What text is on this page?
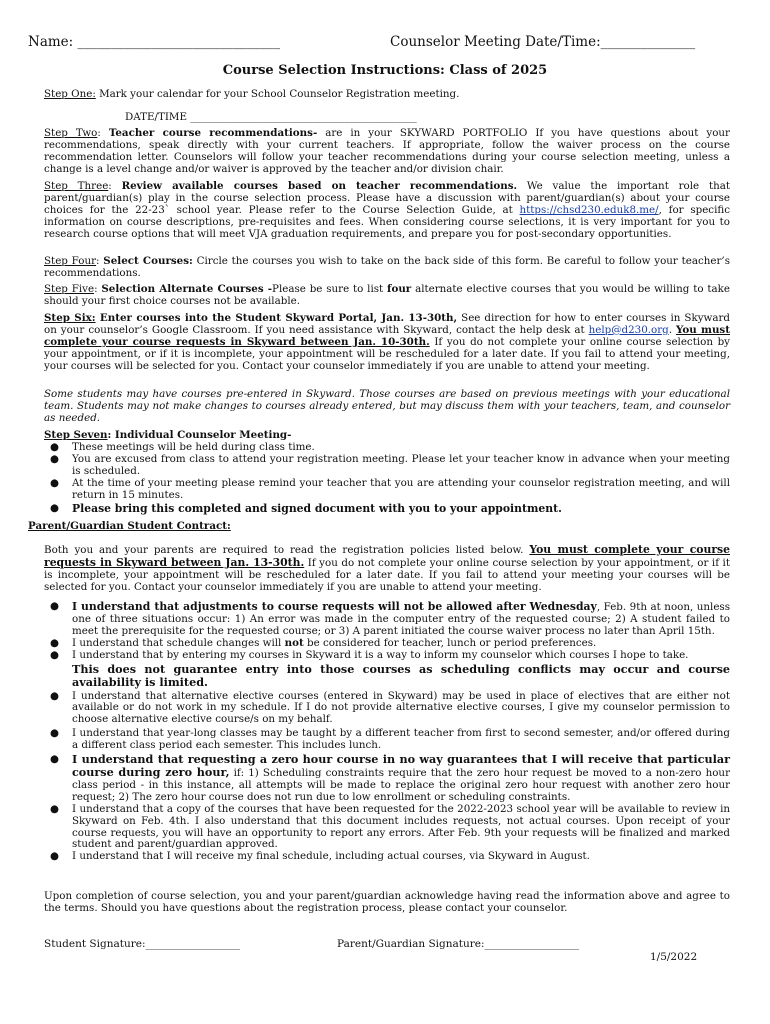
Name: ______________________________	Counselor Meeting Date/Time:______________
Course Selection Instructions: Class of 2025
Step One: Mark your calendar for your School Counselor Registration meeting.
DATE/TIME ____________________________________________
Step Two: Teacher course recommendations- are in your SKYWARD PORTFOLIO If you have questions about your recommendations, speak directly with your current teachers. If appropriate, follow the waiver process on the course recommendation letter. Counselors will follow your teacher recommendations during your course selection meeting, unless a change is a level change and/or waiver is approved by the teacher and/or division chair.
Step Three: Review available courses based on teacher recommendations. We value the important role that parent/guardian(s) play in the course selection process. Please have a discussion with parent/guardian(s) about your course choices for the 22-23` school year. Please refer to the Course Selection Guide, at https://chsd230.eduk8.me/, for specific information on course descriptions, pre-requisites and fees. When considering course selections, it is very important for you to research course options that will meet VJA graduation requirements, and prepare you for post-secondary opportunities.
Step Four: Select Courses: Circle the courses you wish to take on the back side of this form. Be careful to follow your teacher’s recommendations.
Step Five: Selection Alternate Courses -Please be sure to list four alternate elective courses that you would be willing to take should your first choice courses not be available.
Step Six: Enter courses into the Student Skyward Portal, Jan. 13-30th, See direction for how to enter courses in Skyward on your counselor’s Google Classroom. If you need assistance with Skyward, contact the help desk at help@d230.org. You must complete your course requests in Skyward between Jan. 10-30th. If you do not complete your online course selection by your appointment, or if it is incomplete, your appointment will be rescheduled for a later date. If you fail to attend your meeting, your courses will be selected for you. Contact your counselor immediately if you are unable to attend your meeting.
Some students may have courses pre-entered in Skyward. Those courses are based on previous meetings with your educational team. Students may not make changes to courses already entered, but may discuss them with your teachers, team, and counselor as needed.
Step Seven: Individual Counselor Meeting-
● These meetings will be held during class time.
● You are excused from class to attend your registration meeting. Please let your teacher know in advance when your meeting is scheduled.
● At the time of your meeting please remind your teacher that you are attending your counselor registration meeting, and will return in 15 minutes.
● Please bring this completed and signed document with you to your appointment.
Parent/Guardian Student Contract:
Both you and your parents are required to read the registration policies listed below. You must complete your course requests in Skyward between Jan. 13-30th. If you do not complete your online course selection by your appointment, or if it is incomplete, your appointment will be rescheduled for a later date. If you fail to attend your meeting your courses will be selected for you. Contact your counselor immediately if you are unable to attend your meeting.
● I understand that adjustments to course requests will not be allowed after Wednesday, Feb. 9th at noon, unless one of three situations occur: 1) An error was made in the computer entry of the requested course; 2) A student failed to meet the prerequisite for the requested course; or 3) A parent initiated the course waiver process no later than April 15th.
● I understand that schedule changes will not be considered for teacher, lunch or period preferences.
● I understand that by entering my courses in Skyward it is a way to inform my counselor which courses I hope to take.
This does not guarantee entry into those courses as scheduling conflicts may occur and course availability is limited.
● I understand that alternative elective courses (entered in Skyward) may be used in place of electives that are either not available or do not work in my schedule. If I do not provide alternative elective courses, I give my counselor permission to choose alternative elective course/s on my behalf.
● I understand that year-long classes may be taught by a different teacher from first to second semester, and/or offered during a different class period each semester. This includes lunch.
● I understand that requesting a zero hour course in no way guarantees that I will receive that particular course during zero hour, if: 1) Scheduling constraints require that the zero hour request be moved to a non-zero hour class period - in this instance, all attempts will be made to replace the original zero hour request with another zero hour request; 2) The zero hour course does not run due to low enrollment or scheduling constraints.
● I understand that a copy of the courses that have been requested for the 2022-2023 school year will be available to review in Skyward on Feb. 4th. I also understand that this document includes requests, not actual courses. Upon receipt of your course requests, you will have an opportunity to report any errors. After Feb. 9th your requests will be finalized and marked student and parent/guardian approved.
● I understand that I will receive my final schedule, including actual courses, via Skyward in August.
Upon completion of course selection, you and your parent/guardian acknowledge having read the information above and agree to the terms. Should you have questions about the registration process, please contact your counselor.
Student Signature:__________________	Parent/Guardian Signature:__________________
1/5/2022
